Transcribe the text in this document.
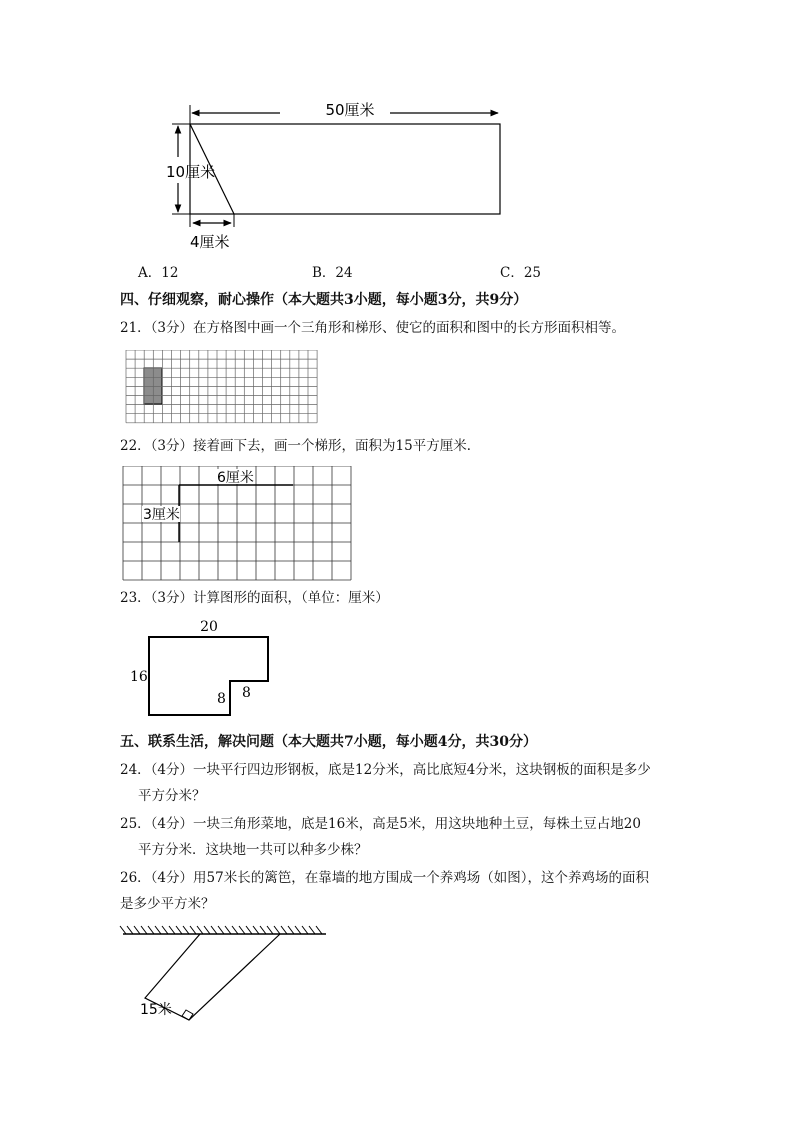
50厘米
10厘米
4厘米
A．12	B．24	C．25
四、仔细观察，耐心操作（本大题共3小题，每小题3分，共9分）
21．（3分）在方格图中画一个三角形和梯形、使它的面积和图中的长方形面积相等。
22．（3分）接着画下去，画一个梯形，面积为15平方厘米．
6厘米
3厘米
23．（3分）计算图形的面积，（单位：厘米）
20
16
8 8
五、联系生活，解决问题（本大题共7小题，每小题4分，共30分）
24．（4分）一块平行四边形钢板，底是12分米，高比底短4分米，这块钢板的面积是多少
平方分米？
25．（4分）一块三角形菜地，底是16米，高是5米，用这块地种土豆，每株土豆占地20
平方分米．这块地一共可以种多少株？
26．（4分）用57米长的篱笆，在靠墙的地方围成一个养鸡场（如图），这个养鸡场的面积
是多少平方米？
15米
